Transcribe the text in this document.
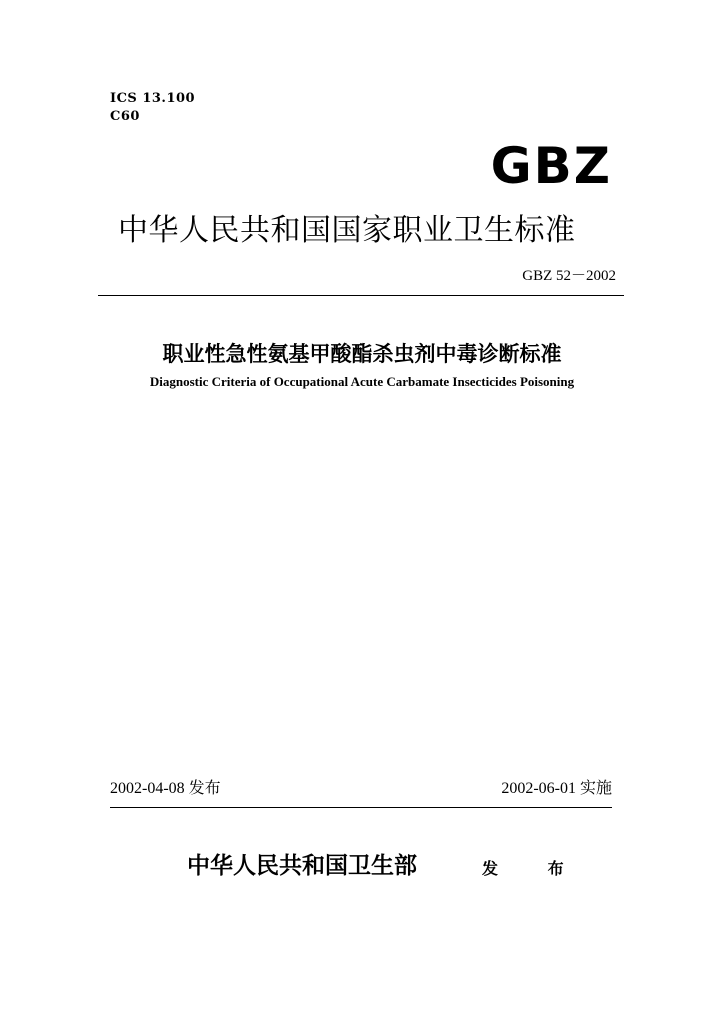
ICS 13.100
C60
GBZ
中华人民共和国国家职业卫生标准
GBZ 52－2002
职业性急性氨基甲酸酯杀虫剂中毒诊断标准
Diagnostic Criteria of Occupational Acute Carbamate Insecticides Poisoning
2002-04-08 发布	2002-06-01 实施
中华人民共和国卫生部	发 布
